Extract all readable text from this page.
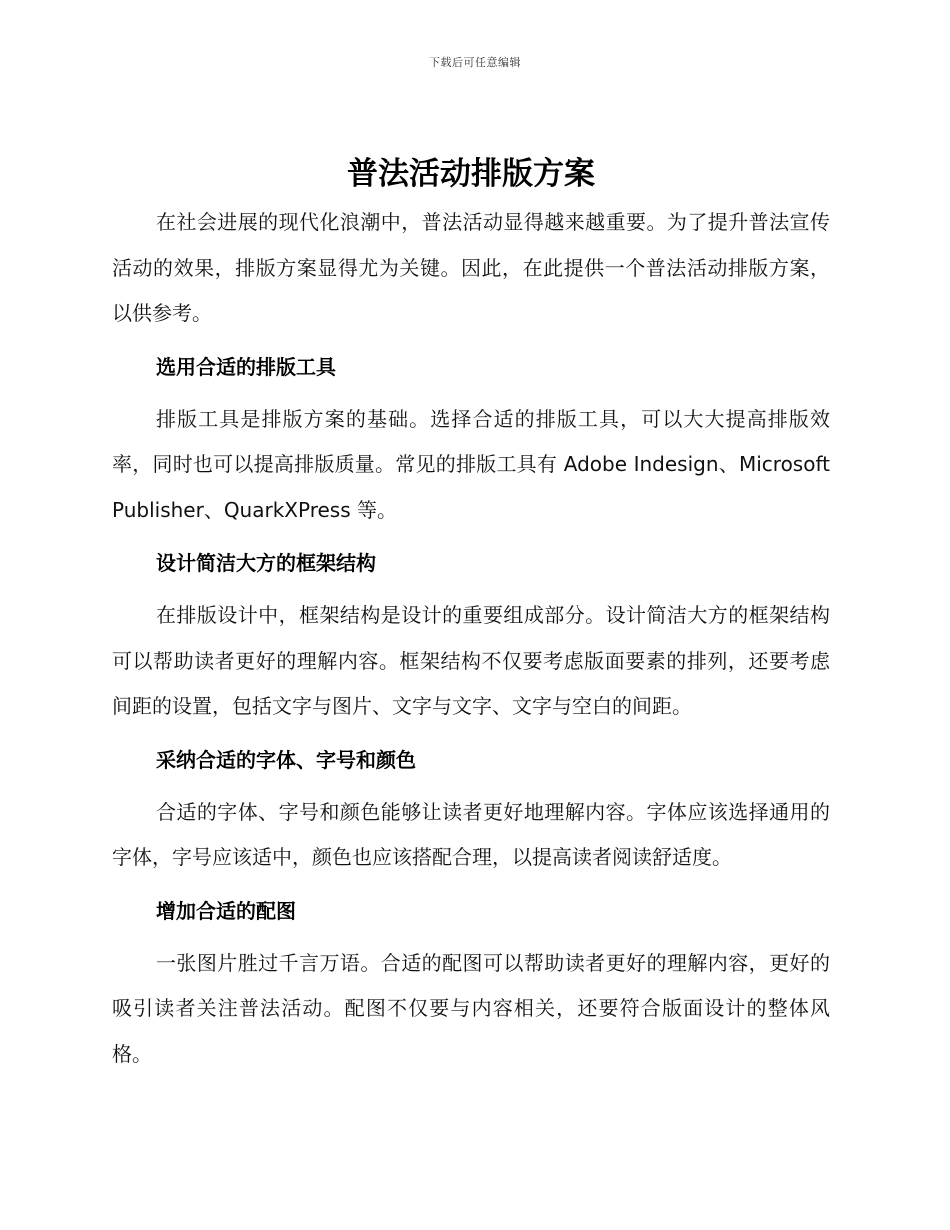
下载后可任意编辑
普法活动排版方案

在社会进展的现代化浪潮中，普法活动显得越来越重要。为了提升普法宣传活动的效果，排版方案显得尤为关键。因此，在此提供一个普法活动排版方案，以供参考。

选用合适的排版工具

排版工具是排版方案的基础。选择合适的排版工具，可以大大提高排版效率，同时也可以提高排版质量。常见的排版工具有 Adobe Indesign、Microsoft Publisher、QuarkXPress 等。

设计简洁大方的框架结构

在排版设计中，框架结构是设计的重要组成部分。设计简洁大方的框架结构可以帮助读者更好的理解内容。框架结构不仅要考虑版面要素的排列，还要考虑间距的设置，包括文字与图片、文字与文字、文字与空白的间距。

采纳合适的字体、字号和颜色

合适的字体、字号和颜色能够让读者更好地理解内容。字体应该选择通用的字体，字号应该适中，颜色也应该搭配合理，以提高读者阅读舒适度。

增加合适的配图

一张图片胜过千言万语。合适的配图可以帮助读者更好的理解内容，更好的吸引读者关注普法活动。配图不仅要与内容相关，还要符合版面设计的整体风格。
